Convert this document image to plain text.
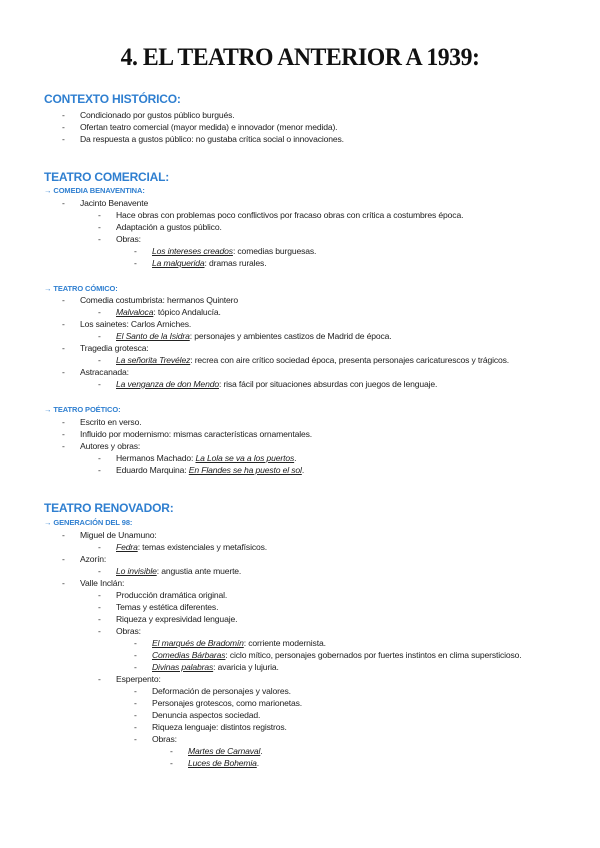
4. EL TEATRO ANTERIOR A 1939:
CONTEXTO HISTÓRICO:
- Condicionado por gustos público burgués.
- Ofertan teatro comercial (mayor medida) e innovador (menor medida).
- Da respuesta a gustos público: no gustaba crítica social o innovaciones.
TEATRO COMERCIAL:
→ COMEDIA BENAVENTINA:
- Jacinto Benavente
- Hace obras con problemas poco conflictivos por fracaso obras con crítica a costumbres época.
- Adaptación a gustos público.
- Obras:
- Los intereses creados: comedias burguesas.
- La malquerida: dramas rurales.
→ TEATRO CÓMICO:
- Comedia costumbrista: hermanos Quintero
- Malvaloca: tópico Andalucía.
- Los sainetes: Carlos Arniches.
- El Santo de la Isidra: personajes y ambientes castizos de Madrid de época.
- Tragedia grotesca:
- La señorita Trevélez: recrea con aire crítico sociedad época, presenta personajes caricaturescos y trágicos.
- Astracanada:
- La venganza de don Mendo: risa fácil por situaciones absurdas con juegos de lenguaje.
→ TEATRO POÉTICO:
- Escrito en verso.
- Influido por modernismo: mismas características ornamentales.
- Autores y obras:
- Hermanos Machado: La Lola se va a los puertos.
- Eduardo Marquina: En Flandes se ha puesto el sol.
TEATRO RENOVADOR:
→ GENERACIÓN DEL 98:
- Miguel de Unamuno:
- Fedra: temas existenciales y metafísicos.
- Azorín:
- Lo invisible: angustia ante muerte.
- Valle Inclán:
- Producción dramática original.
- Temas y estética diferentes.
- Riqueza y expresividad lenguaje.
- Obras:
- El marqués de Bradomín: corriente modernista.
- Comedias Bárbaras: ciclo mítico, personajes gobernados por fuertes instintos en clima supersticioso.
- Divinas palabras: avaricia y lujuria.
- Esperpento:
- Deformación de personajes y valores.
- Personajes grotescos, como marionetas.
- Denuncia aspectos sociedad.
- Riqueza lenguaje: distintos registros.
- Obras:
- Martes de Carnaval.
- Luces de Bohemia.
